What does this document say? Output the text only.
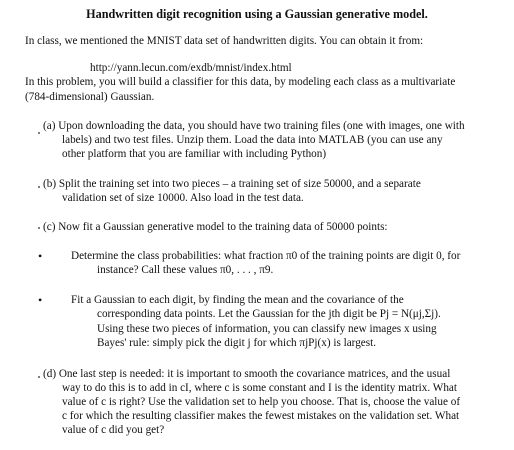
Handwritten digit recognition using a Gaussian generative model.
In class, we mentioned the MNIST data set of handwritten digits. You can obtain it from:
http://yann.lecun.com/exdb/mnist/index.html
In this problem, you will build a classifier for this data, by modeling each class as a multivariate
(784-dimensional) Gaussian.
(a) Upon downloading the data, you should have two training files (one with images, one with
labels) and two test files. Unzip them. Load the data into MATLAB (you can use any
other platform that you are familiar with including Python)
(b) Split the training set into two pieces – a training set of size 50000, and a separate
validation set of size 10000. Also load in the test data.
(c) Now fit a Gaussian generative model to the training data of 50000 points:
•	Determine the class probabilities: what fraction π0 of the training points are digit 0, for
instance? Call these values π0, . . . , π9.
•	Fit a Gaussian to each digit, by finding the mean and the covariance of the
corresponding data points. Let the Gaussian for the jth digit be Pj = N(μj,Σj).
Using these two pieces of information, you can classify new images x using
Bayes' rule: simply pick the digit j for which πjPj(x) is largest.
(d) One last step is needed: it is important to smooth the covariance matrices, and the usual
way to do this is to add in cI, where c is some constant and I is the identity matrix. What
value of c is right? Use the validation set to help you choose. That is, choose the value of
c for which the resulting classifier makes the fewest mistakes on the validation set. What
value of c did you get?
